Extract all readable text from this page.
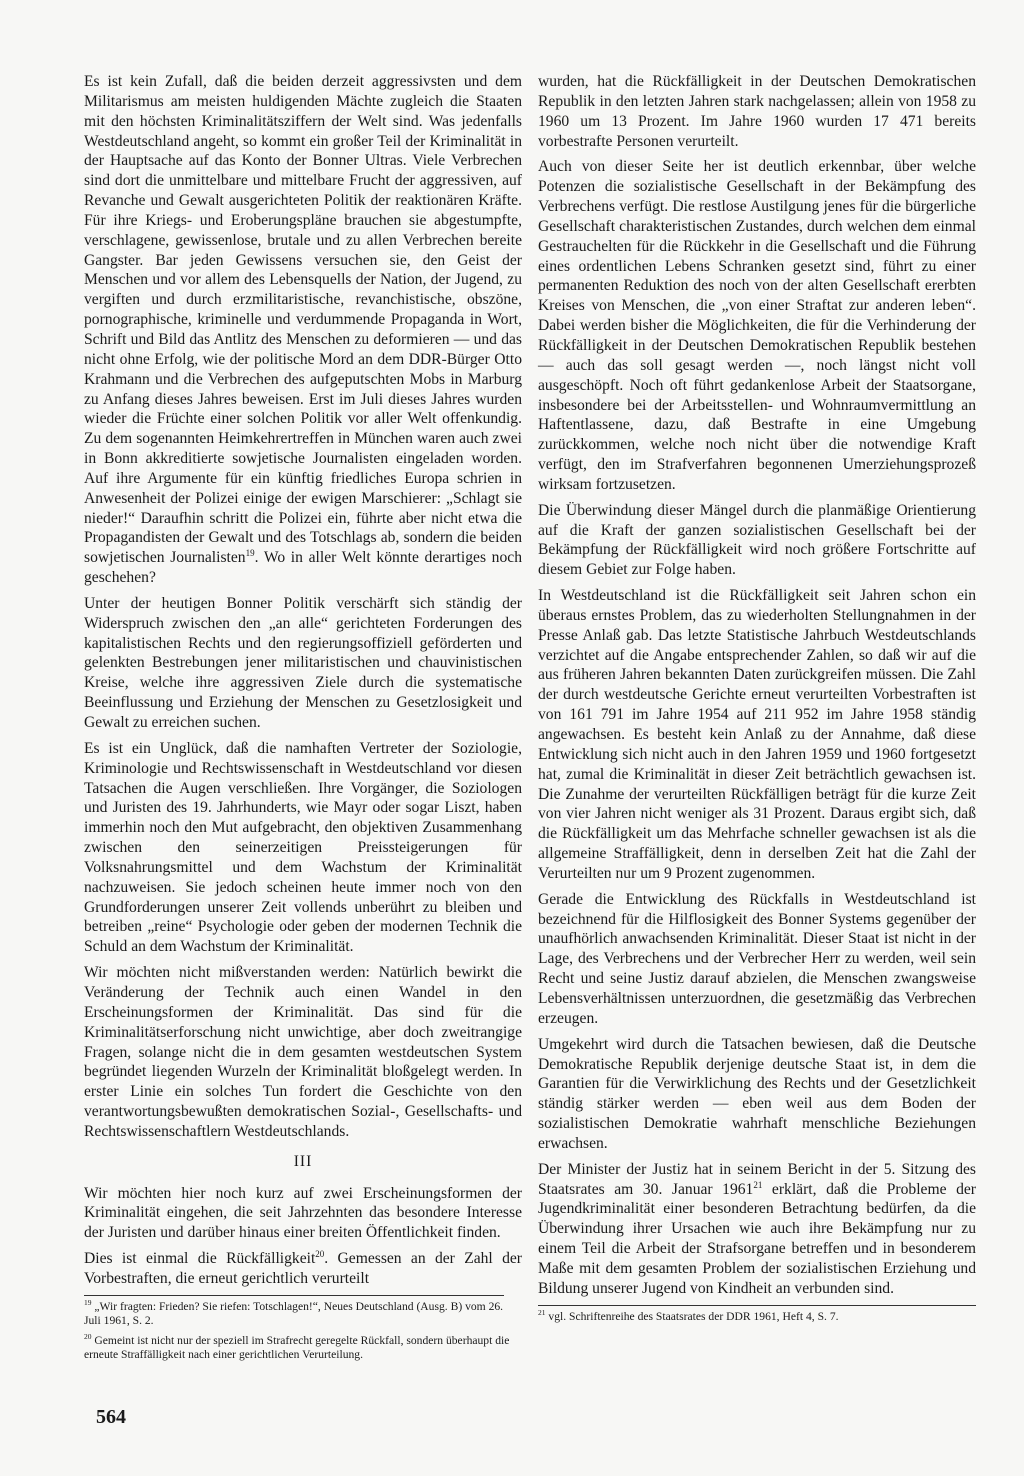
Es ist kein Zufall, daß die beiden derzeit aggressivsten und dem Militarismus am meisten huldigenden Mächte zugleich die Staaten mit den höchsten Kriminalitätsziffern der Welt sind. Was jedenfalls Westdeutschland angeht, so kommt ein großer Teil der Kriminalität in der Hauptsache auf das Konto der Bonner Ultras. Viele Verbrechen sind dort die unmittelbare und mittelbare Frucht der aggressiven, auf Revanche und Gewalt ausgerichteten Politik der reaktionären Kräfte. Für ihre Kriegs- und Eroberungspläne brauchen sie abgestumpfte, verschlagene, gewissenlose, brutale und zu allen Verbrechen bereite Gangster. Bar jeden Gewissens versuchen sie, den Geist der Menschen und vor allem des Lebensquells der Nation, der Jugend, zu vergiften und durch erzmilitaristische, revanchistische, obszöne, pornographische, kriminelle und verdummende Propaganda in Wort, Schrift und Bild das Antlitz des Menschen zu deformieren — und das nicht ohne Erfolg, wie der politische Mord an dem DDR-Bürger Otto Krahmann und die Verbrechen des aufgeputschten Mobs in Marburg zu Anfang dieses Jahres beweisen. Erst im Juli dieses Jahres wurden wieder die Früchte einer solchen Politik vor aller Welt offenkundig. Zu dem sogenannten Heimkehrertreffen in München waren auch zwei in Bonn akkreditierte sowjetische Journalisten eingeladen worden. Auf ihre Argumente für ein künftig friedliches Europa schrien in Anwesenheit der Polizei einige der ewigen Marschierer: „Schlagt sie nieder!“ Daraufhin schritt die Polizei ein, führte aber nicht etwa die Propagandisten der Gewalt und des Totschlags ab, sondern die beiden sowjetischen Journalisten$^{19}$. Wo in aller Welt könnte derartiges noch geschehen?

Unter der heutigen Bonner Politik verschärft sich ständig der Widerspruch zwischen den „an alle“ gerichteten Forderungen des kapitalistischen Rechts und den regierungsoffiziell geförderten und gelenkten Bestrebungen jener militaristischen und chauvinistischen Kreise, welche ihre aggressiven Ziele durch die systematische Beeinflussung und Erziehung der Menschen zu Gesetzlosigkeit und Gewalt zu erreichen suchen.

Es ist ein Unglück, daß die namhaften Vertreter der Soziologie, Kriminologie und Rechtswissenschaft in Westdeutschland vor diesen Tatsachen die Augen verschließen. Ihre Vorgänger, die Soziologen und Juristen des 19. Jahrhunderts, wie Mayr oder sogar Liszt, haben immerhin noch den Mut aufgebracht, den objektiven Zusammenhang zwischen den seinerzeitigen Preissteigerungen für Volksnahrungsmittel und dem Wachstum der Kriminalität nachzuweisen. Sie jedoch scheinen heute immer noch von den Grundforderungen unserer Zeit vollends unberührt zu bleiben und betreiben „reine“ Psychologie oder geben der modernen Technik die Schuld an dem Wachstum der Kriminalität.

Wir möchten nicht mißverstanden werden: Natürlich bewirkt die Veränderung der Technik auch einen Wandel in den Erscheinungsformen der Kriminalität. Das sind für die Kriminalitätserforschung nicht unwichtige, aber doch zweitrangige Fragen, solange nicht die in dem gesamten westdeutschen System begründet liegenden Wurzeln der Kriminalität bloßgelegt werden. In erster Linie ein solches Tun fordert die Geschichte von den verantwortungsbewußten demokratischen Sozial-, Gesellschafts- und Rechtswissenschaftlern Westdeutschlands.

III

Wir möchten hier noch kurz auf zwei Erscheinungsformen der Kriminalität eingehen, die seit Jahrzehnten das besondere Interesse der Juristen und darüber hinaus einer breiten Öffentlichkeit finden.

Dies ist einmal die Rückfälligkeit$^{20}$. Gemessen an der Zahl der Vorbestraften, die erneut gerichtlich verurteilt

$^{19}$ „Wir fragten: Frieden? Sie riefen: Totschlagen!“, Neues Deutschland (Ausg. B) vom 26. Juli 1961, S. 2.

$^{20}$ Gemeint ist nicht nur der speziell im Strafrecht geregelte Rückfall, sondern überhaupt die erneute Straffälligkeit nach einer gerichtlichen Verurteilung.

wurden, hat die Rückfälligkeit in der Deutschen Demokratischen Republik in den letzten Jahren stark nachgelassen; allein von 1958 zu 1960 um 13 Prozent. Im Jahre 1960 wurden 17 471 bereits vorbestrafte Personen verurteilt.

Auch von dieser Seite her ist deutlich erkennbar, über welche Potenzen die sozialistische Gesellschaft in der Bekämpfung des Verbrechens verfügt. Die restlose Austilgung jenes für die bürgerliche Gesellschaft charakteristischen Zustandes, durch welchen dem einmal Gestrauchelten für die Rückkehr in die Gesellschaft und die Führung eines ordentlichen Lebens Schranken gesetzt sind, führt zu einer permanenten Reduktion des noch von der alten Gesellschaft ererbten Kreises von Menschen, die „von einer Straftat zur anderen leben“. Dabei werden bisher die Möglichkeiten, die für die Verhinderung der Rückfälligkeit in der Deutschen Demokratischen Republik bestehen — auch das soll gesagt werden —, noch längst nicht voll ausgeschöpft. Noch oft führt gedankenlose Arbeit der Staatsorgane, insbesondere bei der Arbeitsstellen- und Wohnraumvermittlung an Haftentlassene, dazu, daß Bestrafte in eine Umgebung zurückkommen, welche noch nicht über die notwendige Kraft verfügt, den im Strafverfahren begonnenen Umerziehungsprozeß wirksam fortzusetzen.

Die Überwindung dieser Mängel durch die planmäßige Orientierung auf die Kraft der ganzen sozialistischen Gesellschaft bei der Bekämpfung der Rückfälligkeit wird noch größere Fortschritte auf diesem Gebiet zur Folge haben.

In Westdeutschland ist die Rückfälligkeit seit Jahren schon ein überaus ernstes Problem, das zu wiederholten Stellungnahmen in der Presse Anlaß gab. Das letzte Statistische Jahrbuch Westdeutschlands verzichtet auf die Angabe entsprechender Zahlen, so daß wir auf die aus früheren Jahren bekannten Daten zurückgreifen müssen. Die Zahl der durch westdeutsche Gerichte erneut verurteilten Vorbestraften ist von 161 791 im Jahre 1954 auf 211 952 im Jahre 1958 ständig angewachsen. Es besteht kein Anlaß zu der Annahme, daß diese Entwicklung sich nicht auch in den Jahren 1959 und 1960 fortgesetzt hat, zumal die Kriminalität in dieser Zeit beträchtlich gewachsen ist. Die Zunahme der verurteilten Rückfälligen beträgt für die kurze Zeit von vier Jahren nicht weniger als 31 Prozent. Daraus ergibt sich, daß die Rückfälligkeit um das Mehrfache schneller gewachsen ist als die allgemeine Straffälligkeit, denn in derselben Zeit hat die Zahl der Verurteilten nur um 9 Prozent zugenommen.

Gerade die Entwicklung des Rückfalls in Westdeutschland ist bezeichnend für die Hilflosigkeit des Bonner Systems gegenüber der unaufhörlich anwachsenden Kriminalität. Dieser Staat ist nicht in der Lage, des Verbrechens und der Verbrecher Herr zu werden, weil sein Recht und seine Justiz darauf abzielen, die Menschen zwangsweise Lebensverhältnissen unterzuordnen, die gesetzmäßig das Verbrechen erzeugen.

Umgekehrt wird durch die Tatsachen bewiesen, daß die Deutsche Demokratische Republik derjenige deutsche Staat ist, in dem die Garantien für die Verwirklichung des Rechts und der Gesetzlichkeit ständig stärker werden — eben weil aus dem Boden der sozialistischen Demokratie wahrhaft menschliche Beziehungen erwachsen.

Der Minister der Justiz hat in seinem Bericht in der 5. Sitzung des Staatsrates am 30. Januar 1961$^{21}$ erklärt, daß die Probleme der Jugendkriminalität einer besonderen Betrachtung bedürfen, da die Überwindung ihrer Ursachen wie auch ihre Bekämpfung nur zu einem Teil die Arbeit der Strafsorgane betreffen und in besonderem Maße mit dem gesamten Problem der sozialistischen Erziehung und Bildung unserer Jugend von Kindheit an verbunden sind.

$^{21}$ vgl. Schriftenreihe des Staatsrates der DDR 1961, Heft 4, S. 7.

564
